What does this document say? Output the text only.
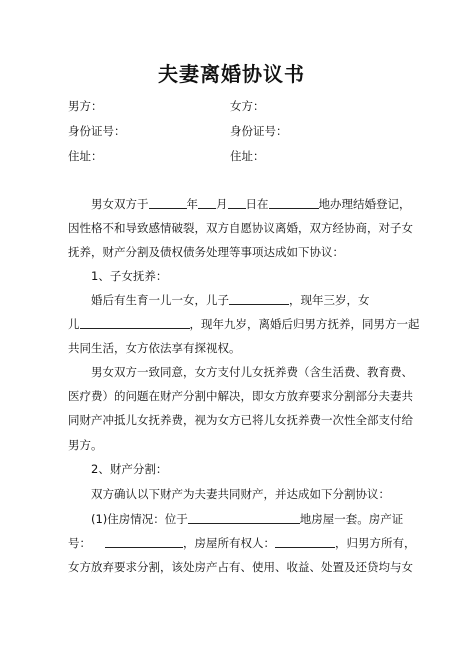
夫妻离婚协议书
男方：	女方：
身份证号：	身份证号：
住址：	住址：
男女双方于	年 月 日在	地办理结婚登记，
因性格不和导致感情破裂，双方自愿协议离婚，双方经协商，对子女
抚养，财产分割及债权债务处理等事项达成如下协议：
1、子女抚养：
婚后有生育一儿一女，儿子	，现年三岁，女
儿	，现年九岁，离婚后归男方抚养，同男方一起
共同生活，女方依法享有探视权。
男女双方一致同意，女方支付儿女抚养费（含生活费、教育费、
医疗费）的问题在财产分割中解决，即女方放弃要求分割部分夫妻共
同财产冲抵儿女抚养费，视为女方已将儿女抚养费一次性全部支付给
男方。
2、财产分割：
双方确认以下财产为夫妻共同财产，并达成如下分割协议：
(1)住房情况：位于	地房屋一套。房产证
号：	，房屋所有权人：	，归男方所有，
女方放弃要求分割，该处房产占有、使用、收益、处置及还贷均与女
